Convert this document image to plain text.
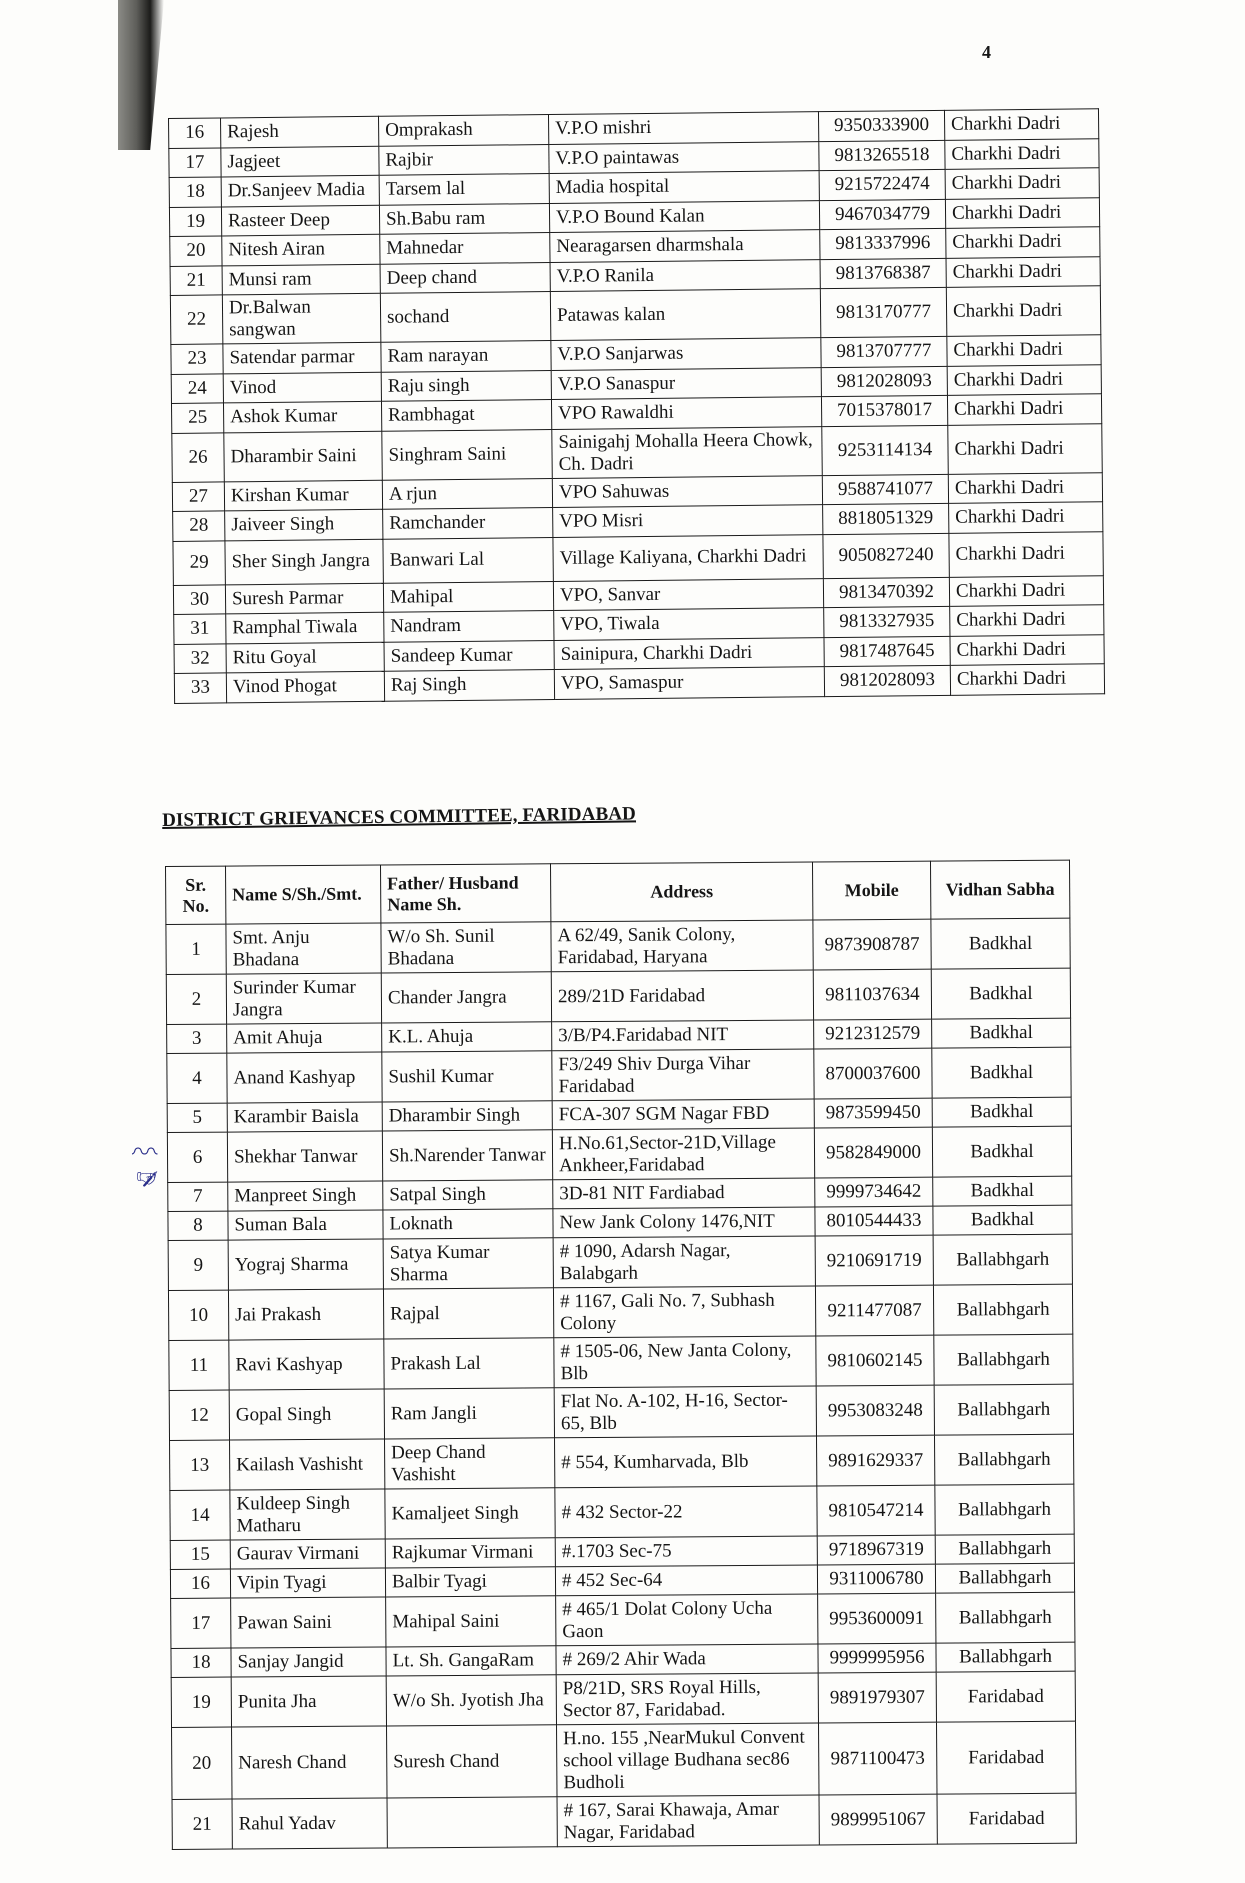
4
16	Rajesh	Omprakash	V.P.O mishri	9350333900	Charkhi Dadri
17	Jagjeet	Rajbir	V.P.O paintawas	9813265518	Charkhi Dadri
18	Dr.Sanjeev Madia	Tarsem lal	Madia hospital	9215722474	Charkhi Dadri
19	Rasteer Deep	Sh.Babu ram	V.P.O Bound Kalan	9467034779	Charkhi Dadri
20	Nitesh Airan	Mahnedar	Nearagarsen dharmshala	9813337996	Charkhi Dadri
21	Munsi ram	Deep chand	V.P.O Ranila	9813768387	Charkhi Dadri
22	Dr.Balwan sangwan	sochand	Patawas kalan	9813170777	Charkhi Dadri
23	Satendar parmar	Ram narayan	V.P.O Sanjarwas	9813707777	Charkhi Dadri
24	Vinod	Raju singh	V.P.O Sanaspur	9812028093	Charkhi Dadri
25	Ashok Kumar	Rambhagat	VPO Rawaldhi	7015378017	Charkhi Dadri
26	Dharambir Saini	Singhram Saini	Sainigahj Mohalla Heera Chowk, Ch. Dadri	9253114134	Charkhi Dadri
27	Kirshan Kumar	A rjun	VPO Sahuwas	9588741077	Charkhi Dadri
28	Jaiveer Singh	Ramchander	VPO Misri	8818051329	Charkhi Dadri
29	Sher Singh Jangra	Banwari Lal	Village Kaliyana, Charkhi Dadri	9050827240	Charkhi Dadri
30	Suresh Parmar	Mahipal	VPO, Sanvar	9813470392	Charkhi Dadri
31	Ramphal Tiwala	Nandram	VPO, Tiwala	9813327935	Charkhi Dadri
32	Ritu Goyal	Sandeep Kumar	Sainipura, Charkhi Dadri	9817487645	Charkhi Dadri
33	Vinod Phogat	Raj Singh	VPO, Samaspur	9812028093	Charkhi Dadri
DISTRICT GRIEVANCES COMMITTEE, FARIDABAD
Sr. No.	Name S/Sh./Smt.	Father/ Husband Name Sh.	Address	Mobile	Vidhan Sabha
1	Smt. Anju Bhadana	W/o Sh. Sunil Bhadana	A 62/49, Sanik Colony, Faridabad, Haryana	9873908787	Badkhal
2	Surinder Kumar Jangra	Chander Jangra	289/21D Faridabad	9811037634	Badkhal
3	Amit Ahuja	K.L. Ahuja	3/B/P4.Faridabad NIT	9212312579	Badkhal
4	Anand Kashyap	Sushil Kumar	F3/249 Shiv Durga Vihar Faridabad	8700037600	Badkhal
5	Karambir Baisla	Dharambir Singh	FCA-307 SGM Nagar FBD	9873599450	Badkhal
6	Shekhar Tanwar	Sh.Narender Tanwar	H.No.61,Sector-21D,Village Ankheer,Faridabad	9582849000	Badkhal
7	Manpreet Singh	Satpal Singh	3D-81 NIT Fardiabad	9999734642	Badkhal
8	Suman Bala	Loknath	New Jank Colony 1476,NIT	8010544433	Badkhal
9	Yograj Sharma	Satya Kumar Sharma	# 1090, Adarsh Nagar, Balabgarh	9210691719	Ballabhgarh
10	Jai Prakash	Rajpal	# 1167, Gali No. 7, Subhash Colony	9211477087	Ballabhgarh
11	Ravi Kashyap	Prakash Lal	# 1505-06, New Janta Colony, Blb	9810602145	Ballabhgarh
12	Gopal Singh	Ram Jangli	Flat No. A-102, H-16, Sector-65, Blb	9953083248	Ballabhgarh
13	Kailash Vashisht	Deep Chand Vashisht	# 554, Kumharvada, Blb	9891629337	Ballabhgarh
14	Kuldeep Singh Matharu	Kamaljeet Singh	# 432 Sector-22	9810547214	Ballabhgarh
15	Gaurav Virmani	Rajkumar Virmani	#.1703 Sec-75	9718967319	Ballabhgarh
16	Vipin Tyagi	Balbir Tyagi	# 452 Sec-64	9311006780	Ballabhgarh
17	Pawan Saini	Mahipal Saini	# 465/1 Dolat Colony Ucha Gaon	9953600091	Ballabhgarh
18	Sanjay Jangid	Lt. Sh. GangaRam	# 269/2 Ahir Wada	9999995956	Ballabhgarh
19	Punita Jha	W/o Sh. Jyotish Jha	P8/21D, SRS Royal Hills, Sector 87, Faridabad.	9891979307	Faridabad
20	Naresh Chand	Suresh Chand	H.no. 155 ,NearMukul Convent school village Budhana sec86 Budholi	9871100473	Faridabad
21	Rahul Yadav		# 167, Sarai Khawaja, Amar Nagar, Faridabad	9899951067	Faridabad
✍︎〰︎
